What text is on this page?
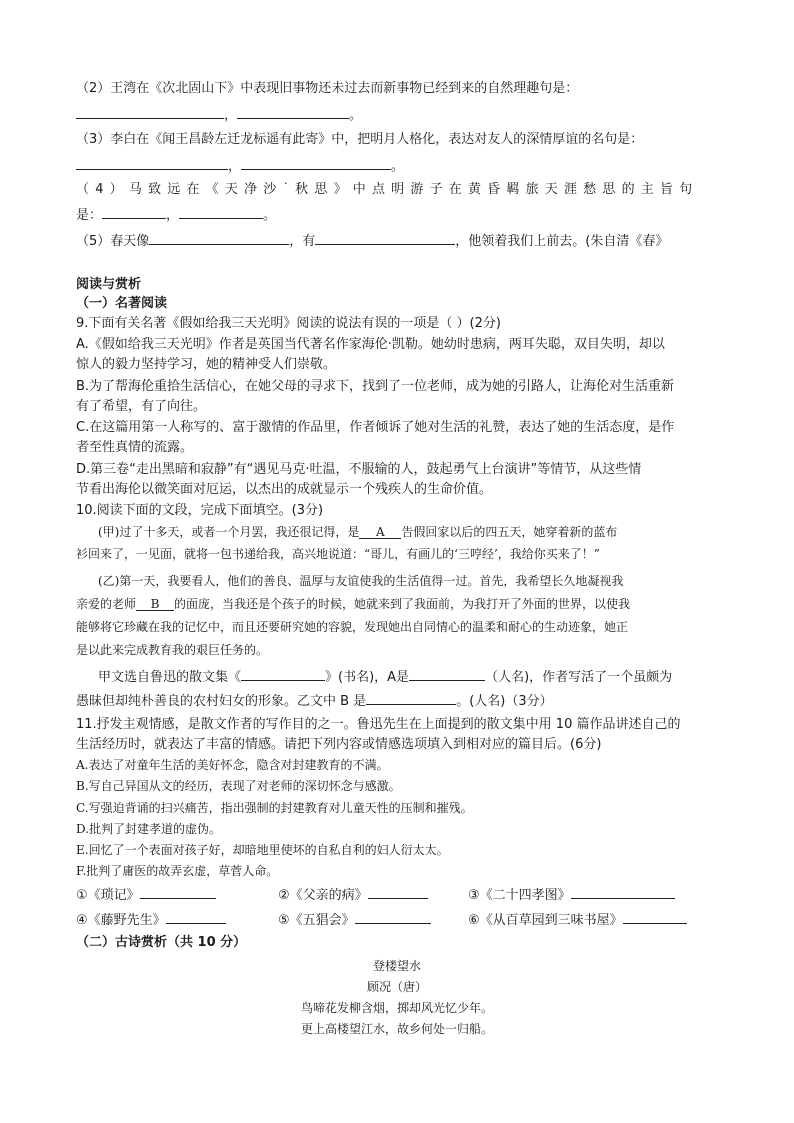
（2）王湾在《次北固山下》中表现旧事物还未过去而新事物已经到来的自然理趣句是：
，	。
（3）李白在《闻王昌龄左迁龙标遥有此寄》中，把明月人格化，表达对友人的深情厚谊的名句是：
，	。
（4）马致远在《天净沙˙秋思》中点明游子在黄昏羁旅天涯愁思的主旨句
是：	，	。
（5）春天像	，有	，他领着我们上前去。(朱自清《春》
阅读与赏析
（一）名著阅读
9.下面有关名著《假如给我三天光明》阅读的说法有误的一项是（ ）(2分)
A.《假如给我三天光明》作者是英国当代著名作家海伦·凯勒。她幼时患病，两耳失聪，双目失明，却以
惊人的毅力坚持学习，她的精神受人们崇敬。
B.为了帮海伦重拾生活信心，在她父母的寻求下，找到了一位老师，成为她的引路人，让海伦对生活重新
有了希望，有了向往。
C.在这篇用第一人称写的、富于激情的作品里，作者倾诉了她对生活的礼赞，表达了她的生活态度，是作
者至性真情的流露。
D.第三卷“走出黑暗和寂静”有“遇见马克·吐温，不服输的人，鼓起勇气上台演讲”等情节，从这些情
节看出海伦以微笑面对厄运，以杰出的成就显示一个残疾人的生命价值。
10.阅读下面的文段，完成下面填空。(3分)
(甲)过了十多天，或者一个月罢，我还很记得，是 A 告假回家以后的四五天，她穿着新的蓝布
衫回来了，一见面，就将一包书递给我，高兴地说道：“哥儿，有画儿的‘三哼经’，我给你买来了！”
(乙)第一天，我要看人，他们的善良、温厚与友谊使我的生活值得一过。首先，我希望长久地凝视我
亲爱的老师 B 的面庞，当我还是个孩子的时候，她就来到了我面前，为我打开了外面的世界，以使我
能够将它珍藏在我的记忆中，而且还要研究她的容貌，发现她出自同情心的温柔和耐心的生动迹象，她正
是以此来完成教育我的艰巨任务的。
甲文选自鲁迅的散文集《	》(书名)，A是	（人名)，作者写活了一个虽颇为
愚昧但却纯朴善良的农村妇女的形象。乙文中 B 是	。(人名)（3分）
11.抒发主观情感，是散文作者的写作目的之一。鲁迅先生在上面提到的散文集中用 10 篇作品讲述自己的
生活经历时，就表达了丰富的情感。请把下列内容或情感选项填入到相对应的篇目后。(6分)
A.表达了对童年生活的美好怀念，隐含对封建教育的不满。
B.写自己异国从文的经历，表现了对老师的深切怀念与感激。
C.写强迫背诵的扫兴痛苦，指出强制的封建教育对儿童天性的压制和摧残。
D.批判了封建孝道的虚伪。
E.回忆了一个表面对孩子好，却暗地里使坏的自私自利的妇人衍太太。
F.批判了庸医的故弄玄虚，草菅人命。
①《琐记》	②《父亲的病》	③《二十四孝图》
④《藤野先生》	⑤《五猖会》	⑥《从百草园到三味书屋》
（二）古诗赏析（共 10 分）
登楼望水
顾况（唐）
鸟啼花发柳含烟，掷却风光忆少年。
更上高楼望江水，故乡何处一归船。
